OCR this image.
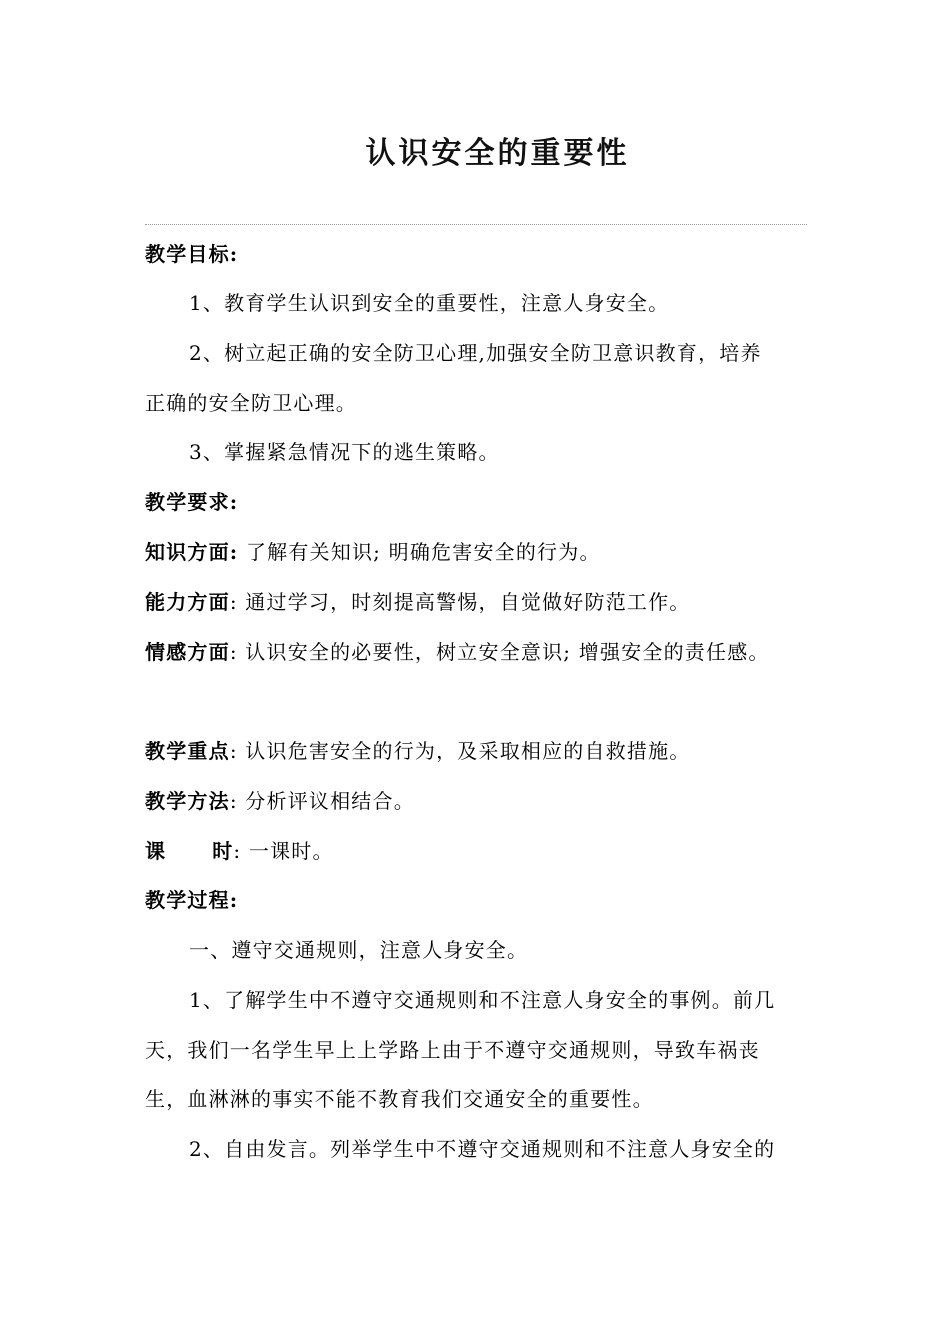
认识安全的重要性
教学目标:
1、教育学生认识到安全的重要性，注意人身安全。
2、树立起正确的安全防卫心理,加强安全防卫意识教育，培养
正确的安全防卫心理。
3、掌握紧急情况下的逃生策略。
教学要求:
知识方面: 了解有关知识; 明确危害安全的行为。
能力方面: 通过学习，时刻提高警惕，自觉做好防范工作。
情感方面: 认识安全的必要性，树立安全意识; 增强安全的责任感。
教学重点: 认识危害安全的行为，及采取相应的自救措施。
教学方法: 分析评议相结合。
课 时: 一课时。
教学过程:
一、遵守交通规则，注意人身安全。
1、了解学生中不遵守交通规则和不注意人身安全的事例。前几
天，我们一名学生早上上学路上由于不遵守交通规则，导致车祸丧
生，血淋淋的事实不能不教育我们交通安全的重要性。
2、自由发言。列举学生中不遵守交通规则和不注意人身安全的
